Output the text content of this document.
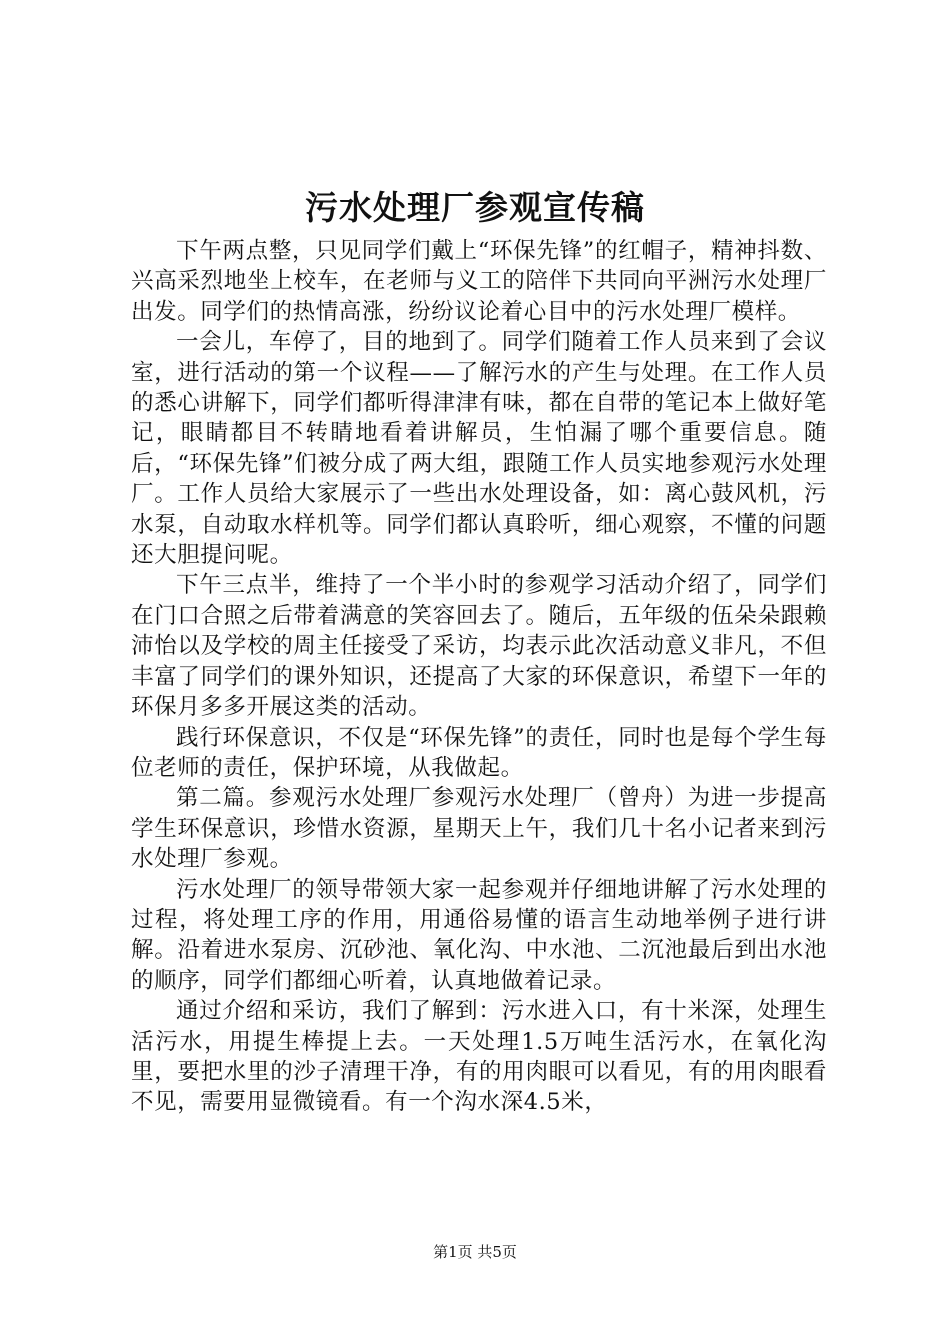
污水处理厂参观宣传稿

下午两点整，只见同学们戴上“环保先锋”的红帽子，精神抖数、兴高采烈地坐上校车，在老师与义工的陪伴下共同向平洲污水处理厂出发。同学们的热情高涨，纷纷议论着心目中的污水处理厂模样。

一会儿，车停了，目的地到了。同学们随着工作人员来到了会议室，进行活动的第一个议程——了解污水的产生与处理。在工作人员的悉心讲解下，同学们都听得津津有味，都在自带的笔记本上做好笔记，眼睛都目不转睛地看着讲解员，生怕漏了哪个重要信息。随后，“环保先锋”们被分成了两大组，跟随工作人员实地参观污水处理厂。工作人员给大家展示了一些出水处理设备，如：离心鼓风机，污水泵，自动取水样机等。同学们都认真聆听，细心观察，不懂的问题还大胆提问呢。

下午三点半，维持了一个半小时的参观学习活动介绍了，同学们在门口合照之后带着满意的笑容回去了。随后，五年级的伍朵朵跟赖沛怡以及学校的周主任接受了采访，均表示此次活动意义非凡，不但丰富了同学们的课外知识，还提高了大家的环保意识，希望下一年的环保月多多开展这类的活动。

践行环保意识，不仅是“环保先锋”的责任，同时也是每个学生每位老师的责任，保护环境，从我做起。

第二篇。参观污水处理厂参观污水处理厂（曾舟）为进一步提高学生环保意识，珍惜水资源，星期天上午，我们几十名小记者来到污水处理厂参观。

污水处理厂的领导带领大家一起参观并仔细地讲解了污水处理的过程，将处理工序的作用，用通俗易懂的语言生动地举例子进行讲解。沿着进水泵房、沉砂池、氧化沟、中水池、二沉池最后到出水池的顺序，同学们都细心听着，认真地做着记录。

通过介绍和采访，我们了解到：污水进入口，有十米深，处理生活污水，用提生棒提上去。一天处理1.5万吨生活污水，在氧化沟里，要把水里的沙子清理干净，有的用肉眼可以看见，有的用肉眼看不见，需要用显微镜看。有一个沟水深4.5米，

第1页 共5页
